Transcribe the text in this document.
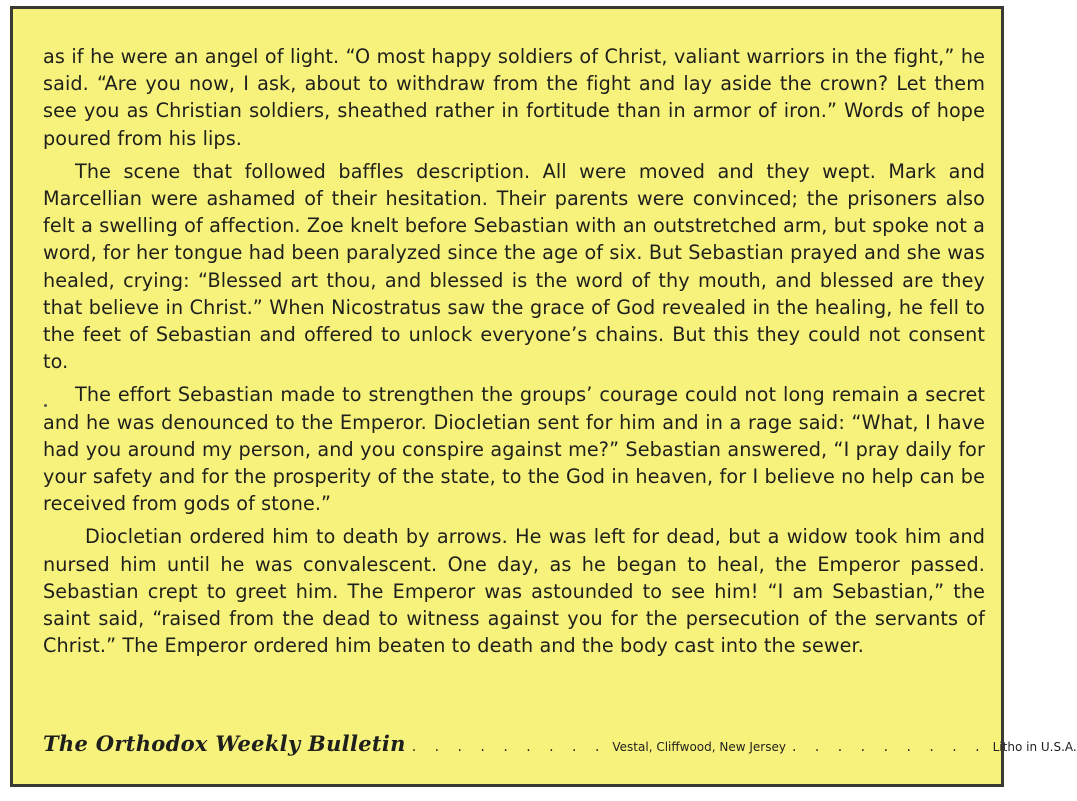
as if he were an angel of light. “O most happy soldiers of Christ, valiant warriors in the fight,” he said. “Are you now, I ask, about to withdraw from the fight and lay aside the crown? Let them see you as Christian soldiers, sheathed rather in fortitude than in armor of iron.” Words of hope poured from his lips.

The scene that followed baffles description. All were moved and they wept. Mark and Marcellian were ashamed of their hesitation. Their parents were convinced; the prisoners also felt a swelling of affection. Zoe knelt before Sebastian with an outstretched arm, but spoke not a word, for her tongue had been paralyzed since the age of six. But Sebastian prayed and she was healed, crying: “Blessed art thou, and blessed is the word of thy mouth, and blessed are they that believe in Christ.” When Nicostratus saw the grace of God revealed in the healing, he fell to the feet of Sebastian and offered to unlock everyone’s chains. But this they could not consent to.

The effort Sebastian made to strengthen the groups’ courage could not long remain a secret and he was denounced to the Emperor. Diocletian sent for him and in a rage said: “What, I have had you around my person, and you conspire against me?” Sebastian answered, “I pray daily for your safety and for the prosperity of the state, to the God in heaven, for I believe no help can be received from gods of stone.”

Diocletian ordered him to death by arrows. He was left for dead, but a widow took him and nursed him until he was convalescent. One day, as he began to heal, the Emperor passed. Sebastian crept to greet him. The Emperor was astounded to see him! “I am Sebastian,” the saint said, “raised from the dead to witness against you for the persecution of the servants of Christ.” The Emperor ordered him beaten to death and the body cast into the sewer.

The Orthodox Weekly Bulletin . . . . . . . . . Vestal, Cliffwood, New Jersey . . . . . . . . . Litho in U.S.A.
